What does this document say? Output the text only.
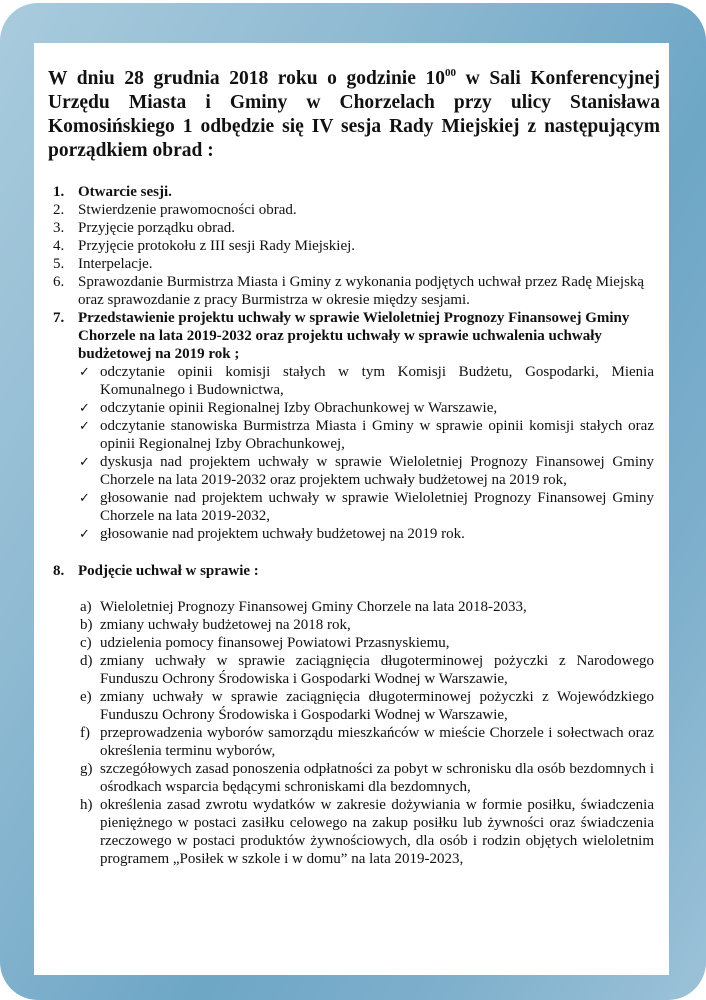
W dniu 28 grudnia 2018 roku o godzinie $10^{00}$ w Sali Konferencyjnej Urzędu Miasta i Gminy w Chorzelach przy ulicy Stanisława Komosińskiego 1 odbędzie się IV sesja Rady Miejskiej z następującym porządkiem obrad :
1. Otwarcie sesji.
2. Stwierdzenie prawomocności obrad.
3. Przyjęcie porządku obrad.
4. Przyjęcie protokołu z III sesji Rady Miejskiej.
5. Interpelacje.
6. Sprawozdanie Burmistrza Miasta i Gminy z wykonania podjętych uchwał przez Radę Miejską oraz sprawozdanie z pracy Burmistrza w okresie między sesjami.
7. Przedstawienie projektu uchwały w sprawie Wieloletniej Prognozy Finansowej Gminy Chorzele na lata 2019-2032 oraz projektu uchwały w sprawie uchwalenia uchwały budżetowej na 2019 rok ;
✓ odczytanie opinii komisji stałych w tym Komisji Budżetu, Gospodarki, Mienia Komunalnego i Budownictwa,
✓ odczytanie opinii Regionalnej Izby Obrachunkowej w Warszawie,
✓ odczytanie stanowiska Burmistrza Miasta i Gminy w sprawie opinii komisji stałych oraz opinii Regionalnej Izby Obrachunkowej,
✓ dyskusja nad projektem uchwały w sprawie Wieloletniej Prognozy Finansowej Gminy Chorzele na lata 2019-2032 oraz projektem uchwały budżetowej na 2019 rok,
✓ głosowanie nad projektem uchwały w sprawie Wieloletniej Prognozy Finansowej Gminy Chorzele na lata 2019-2032,
✓ głosowanie nad projektem uchwały budżetowej na 2019 rok.
8. Podjęcie uchwał w sprawie :
a) Wieloletniej Prognozy Finansowej Gminy Chorzele na lata 2018-2033,
b) zmiany uchwały budżetowej na 2018 rok,
c) udzielenia pomocy finansowej Powiatowi Przasnyskiemu,
d) zmiany uchwały w sprawie zaciągnięcia długoterminowej pożyczki z Narodowego Funduszu Ochrony Środowiska i Gospodarki Wodnej w Warszawie,
e) zmiany uchwały w sprawie zaciągnięcia długoterminowej pożyczki z Wojewódzkiego Funduszu Ochrony Środowiska i Gospodarki Wodnej w Warszawie,
f) przeprowadzenia wyborów samorządu mieszkańców w mieście Chorzele i sołectwach oraz określenia terminu wyborów,
g) szczegółowych zasad ponoszenia odpłatności za pobyt w schronisku dla osób bezdomnych i ośrodkach wsparcia będącymi schroniskami dla bezdomnych,
h) określenia zasad zwrotu wydatków w zakresie dożywiania w formie posiłku, świadczenia pieniężnego w postaci zasiłku celowego na zakup posiłku lub żywności oraz świadczenia rzeczowego w postaci produktów żywnościowych, dla osób i rodzin objętych wieloletnim programem „Posiłek w szkole i w domu” na lata 2019-2023,
